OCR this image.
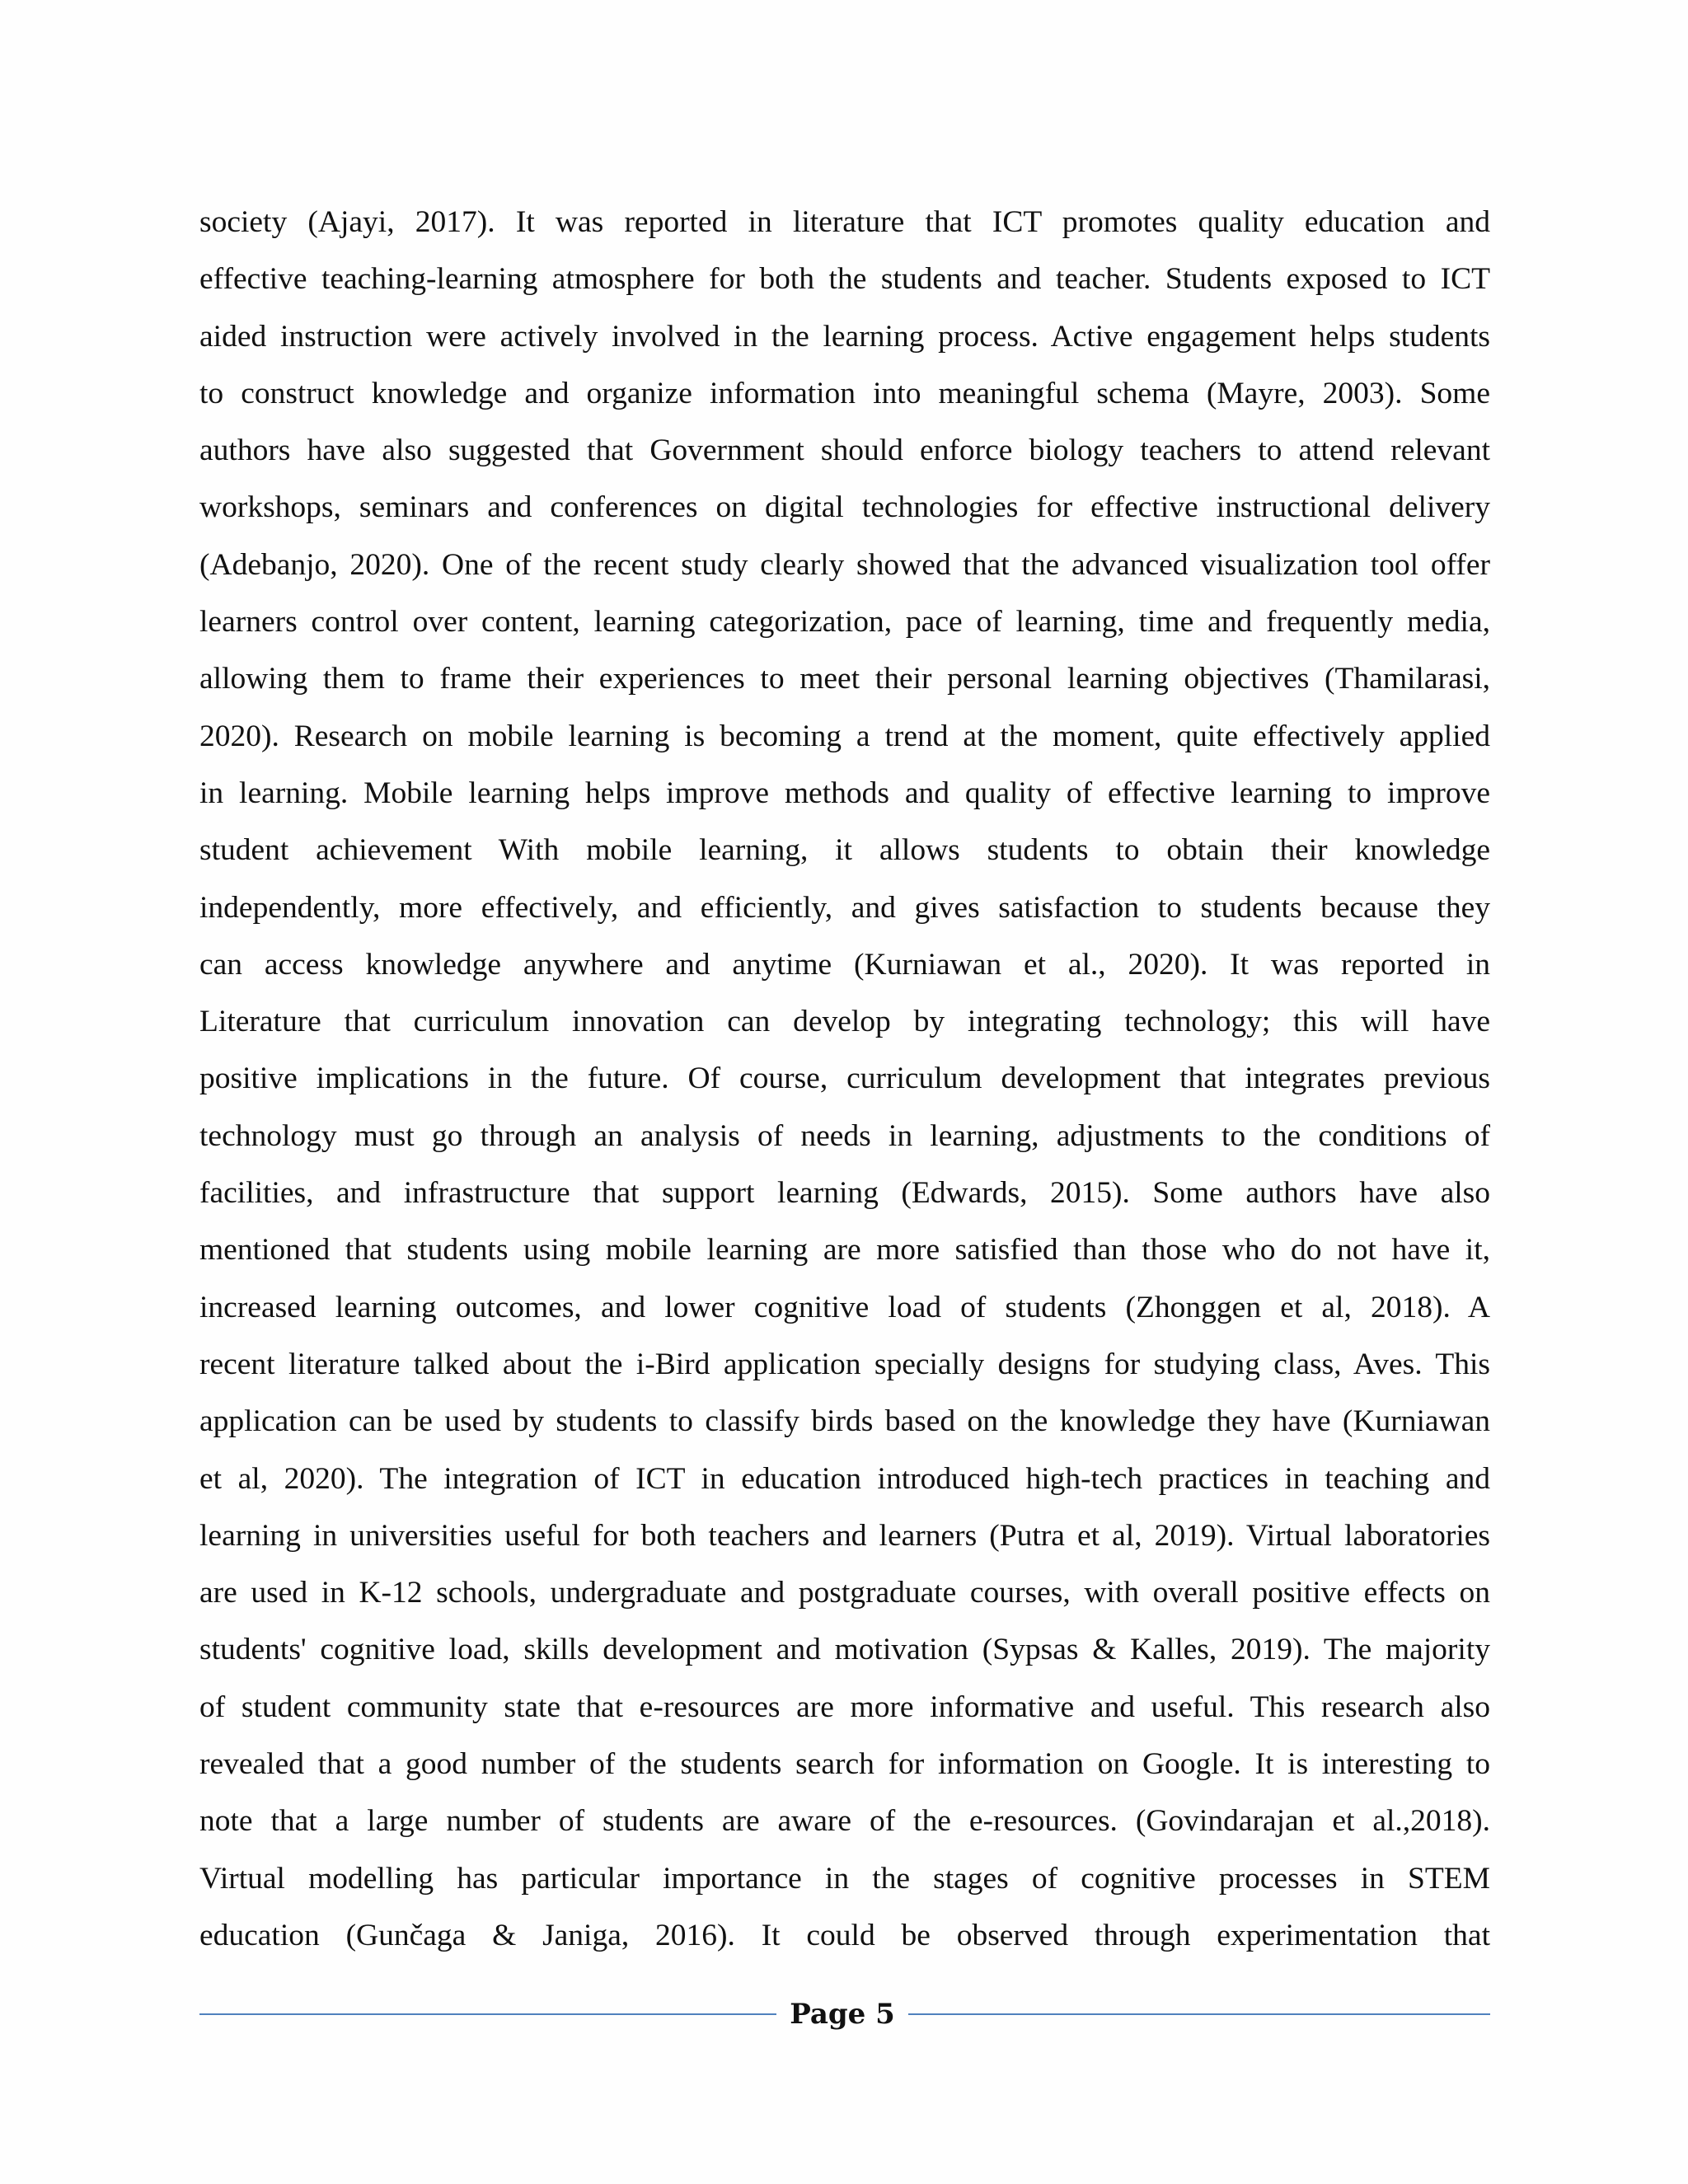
society (Ajayi, 2017). It was reported in literature that ICT promotes quality education and
effective teaching-learning atmosphere for both the students and teacher. Students exposed to ICT
aided instruction were actively involved in the learning process. Active engagement helps students
to construct knowledge and organize information into meaningful schema (Mayre, 2003). Some
authors have also suggested that Government should enforce biology teachers to attend relevant
workshops, seminars and conferences on digital technologies for effective instructional delivery
(Adebanjo, 2020). One of the recent study clearly showed that the advanced visualization tool offer
learners control over content, learning categorization, pace of learning, time and frequently media,
allowing them to frame their experiences to meet their personal learning objectives (Thamilarasi,
2020). Research on mobile learning is becoming a trend at the moment, quite effectively applied
in learning. Mobile learning helps improve methods and quality of effective learning to improve
student achievement With mobile learning, it allows students to obtain their knowledge
independently, more effectively, and efficiently, and gives satisfaction to students because they
can access knowledge anywhere and anytime (Kurniawan et al., 2020). It was reported in
Literature that curriculum innovation can develop by integrating technology; this will have
positive implications in the future. Of course, curriculum development that integrates previous
technology must go through an analysis of needs in learning, adjustments to the conditions of
facilities, and infrastructure that support learning (Edwards, 2015). Some authors have also
mentioned that students using mobile learning are more satisfied than those who do not have it,
increased learning outcomes, and lower cognitive load of students (Zhonggen et al, 2018). A
recent literature talked about the i-Bird application specially designs for studying class, Aves. This
application can be used by students to classify birds based on the knowledge they have (Kurniawan
et al, 2020). The integration of ICT in education introduced high-tech practices in teaching and
learning in universities useful for both teachers and learners (Putra et al, 2019). Virtual laboratories
are used in K-12 schools, undergraduate and postgraduate courses, with overall positive effects on
students' cognitive load, skills development and motivation (Sypsas & Kalles, 2019). The majority
of student community state that e-resources are more informative and useful. This research also
revealed that a good number of the students search for information on Google. It is interesting to
note that a large number of students are aware of the e-resources. (Govindarajan et al.,2018).
Virtual modelling has particular importance in the stages of cognitive processes in STEM
education (Gunčaga & Janiga, 2016). It could be observed through experimentation that
Page 5
